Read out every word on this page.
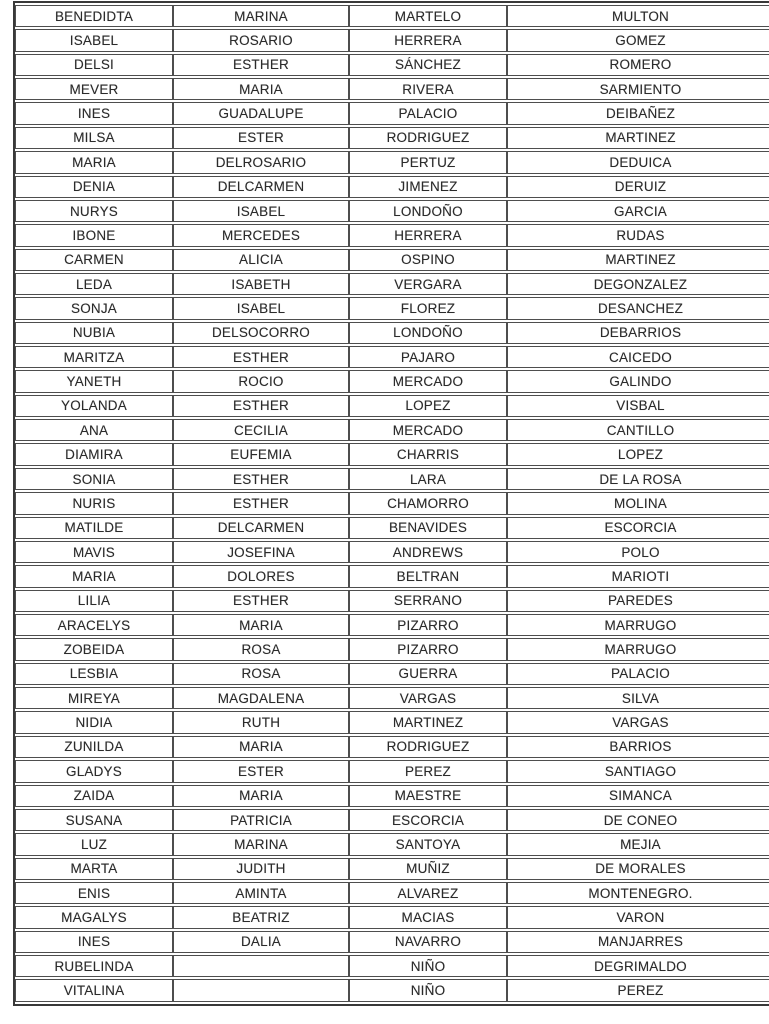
BENEDIDTA	MARINA	MARTELO	MULTON
ISABEL	ROSARIO	HERRERA	GOMEZ
DELSI	ESTHER	SÁNCHEZ	ROMERO
MEVER	MARIA	RIVERA	SARMIENTO
INES	GUADALUPE	PALACIO	DEIBAÑEZ
MILSA	ESTER	RODRIGUEZ	MARTINEZ
MARIA	DELROSARIO	PERTUZ	DEDUICA
DENIA	DELCARMEN	JIMENEZ	DERUIZ
NURYS	ISABEL	LONDOÑO	GARCIA
IBONE	MERCEDES	HERRERA	RUDAS
CARMEN	ALICIA	OSPINO	MARTINEZ
LEDA	ISABETH	VERGARA	DEGONZALEZ
SONJA	ISABEL	FLOREZ	DESANCHEZ
NUBIA	DELSOCORRO	LONDOÑO	DEBARRIOS
MARITZA	ESTHER	PAJARO	CAICEDO
YANETH	ROCIO	MERCADO	GALINDO
YOLANDA	ESTHER	LOPEZ	VISBAL
ANA	CECILIA	MERCADO	CANTILLO
DIAMIRA	EUFEMIA	CHARRIS	LOPEZ
SONIA	ESTHER	LARA	DE LA ROSA
NURIS	ESTHER	CHAMORRO	MOLINA
MATILDE	DELCARMEN	BENAVIDES	ESCORCIA
MAVIS	JOSEFINA	ANDREWS	POLO
MARIA	DOLORES	BELTRAN	MARIOTI
LILIA	ESTHER	SERRANO	PAREDES
ARACELYS	MARIA	PIZARRO	MARRUGO
ZOBEIDA	ROSA	PIZARRO	MARRUGO
LESBIA	ROSA	GUERRA	PALACIO
MIREYA	MAGDALENA	VARGAS	SILVA
NIDIA	RUTH	MARTINEZ	VARGAS
ZUNILDA	MARIA	RODRIGUEZ	BARRIOS
GLADYS	ESTER	PEREZ	SANTIAGO
ZAIDA	MARIA	MAESTRE	SIMANCA
SUSANA	PATRICIA	ESCORCIA	DE CONEO
LUZ	MARINA	SANTOYA	MEJIA
MARTA	JUDITH	MUÑIZ	DE MORALES
ENIS	AMINTA	ALVAREZ	MONTENEGRO.
MAGALYS	BEATRIZ	MACIAS	VARON
INES	DALIA	NAVARRO	MANJARRES
RUBELINDA		NIÑO	DEGRIMALDO
VITALINA		NIÑO	PEREZ
